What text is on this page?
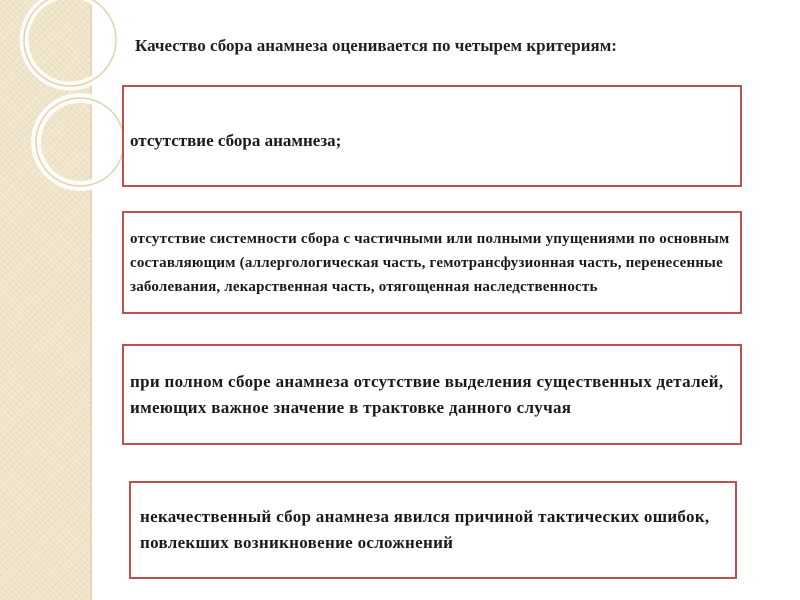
Качество сбора анамнеза оценивается по четырем критериям:
отсутствие сбора анамнеза;
отсутствие системности сбора с частичными или полными упущениями по основным составляющим (аллергологическая часть, гемотрансфузионная часть, перенесенные заболевания, лекарственная часть, отягощенная наследственность
при полном сборе анамнеза отсутствие выделения существенных деталей, имеющих важное значение в трактовке данного случая
некачественный сбор анамнеза явился причиной тактических ошибок, повлекших возникновение осложнений
